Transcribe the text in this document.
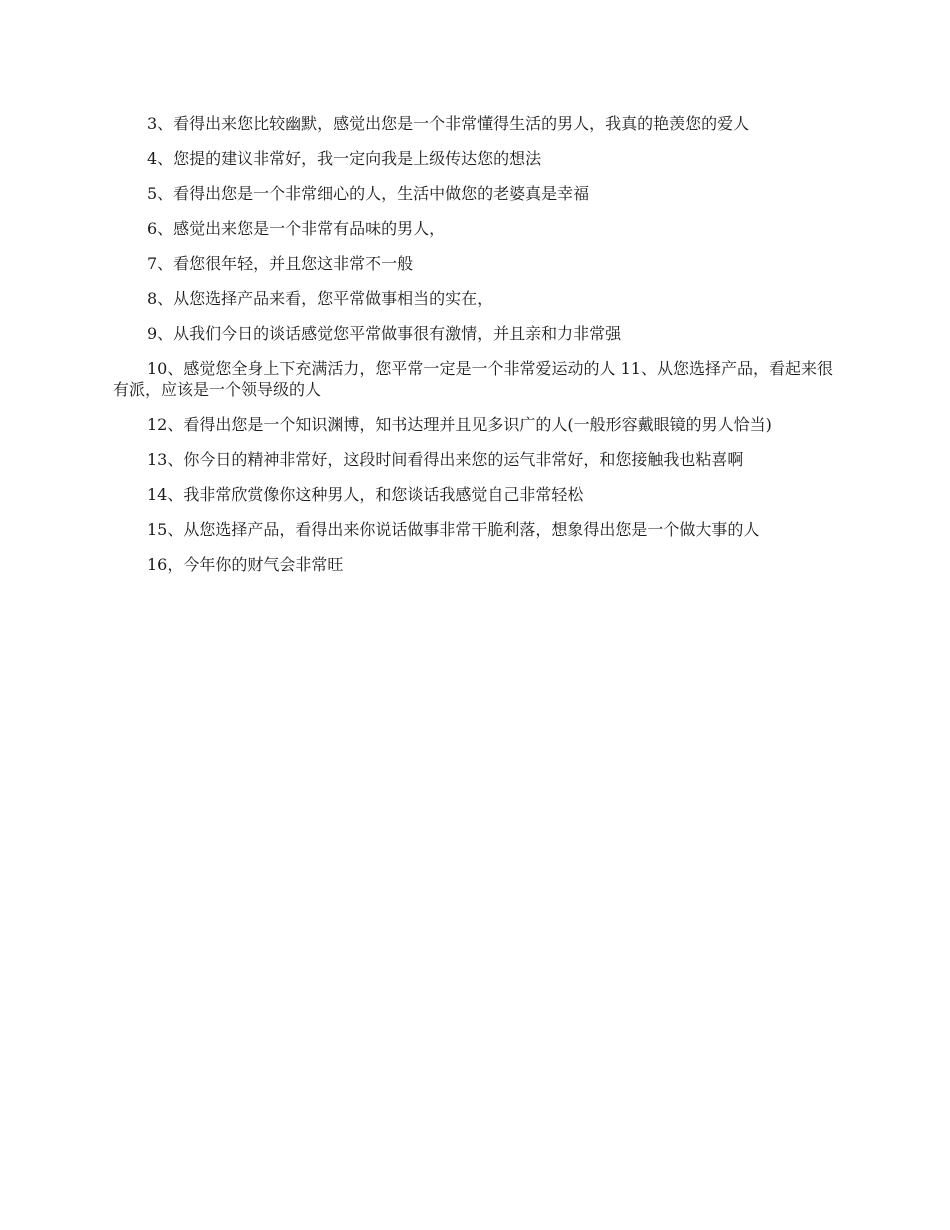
3、看得出来您比较幽默，感觉出您是一个非常懂得生活的男人，我真的艳羡您的爱人

4、您提的建议非常好，我一定向我是上级传达您的想法

5、看得出您是一个非常细心的人，生活中做您的老婆真是幸福

6、感觉出来您是一个非常有品味的男人，

7、看您很年轻，并且您这非常不一般

8、从您选择产品来看，您平常做事相当的实在，

9、从我们今日的谈话感觉您平常做事很有激情，并且亲和力非常强

10、感觉您全身上下充满活力，您平常一定是一个非常爱运动的人 11、从您选择产品，看起来很有派，应该是一个领导级的人

12、看得出您是一个知识渊博，知书达理并且见多识广的人(一般形容戴眼镜的男人恰当)

13、你今日的精神非常好，这段时间看得出来您的运气非常好，和您接触我也粘喜啊

14、我非常欣赏像你这种男人，和您谈话我感觉自己非常轻松

15、从您选择产品，看得出来你说话做事非常干脆利落，想象得出您是一个做大事的人

16，今年你的财气会非常旺
